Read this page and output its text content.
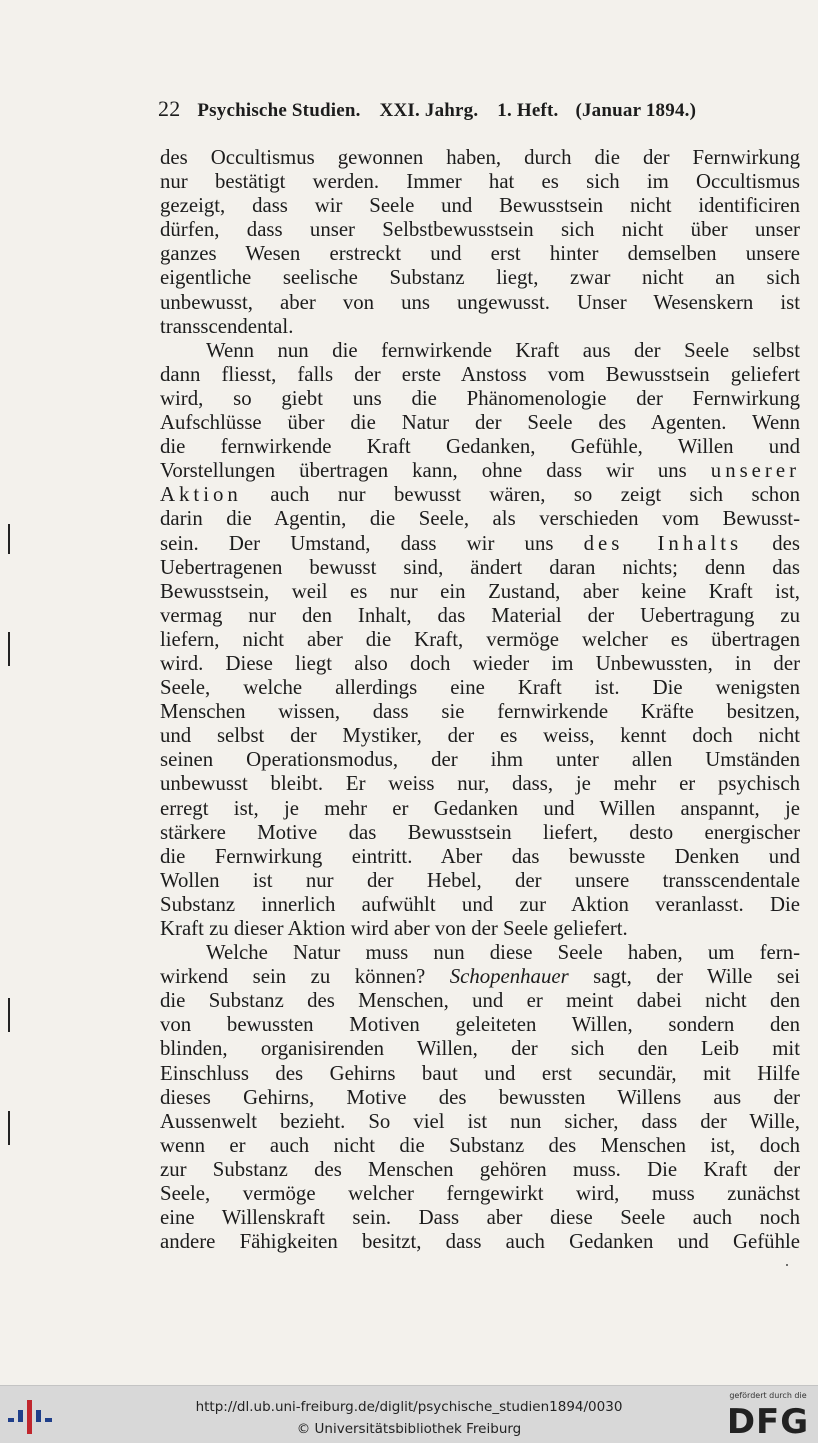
22 Psychische Studien. XXI. Jahrg. 1. Heft. (Januar 1894.)
des Occultismus gewonnen haben, durch die der Fernwirkung
nur bestätigt werden. Immer hat es sich im Occultismus
gezeigt, dass wir Seele und Bewusstsein nicht identificiren
dürfen, dass unser Selbstbewusstsein sich nicht über unser
ganzes Wesen erstreckt und erst hinter demselben unsere
eigentliche seelische Substanz liegt, zwar nicht an sich
unbewusst, aber von uns ungewusst. Unser Wesenskern ist
transscendental.
Wenn nun die fernwirkende Kraft aus der Seele selbst
dann fliesst, falls der erste Anstoss vom Bewusstsein geliefert
wird, so giebt uns die Phänomenologie der Fernwirkung
Aufschlüsse über die Natur der Seele des Agenten. Wenn
die fernwirkende Kraft Gedanken, Gefühle, Willen und
Vorstellungen übertragen kann, ohne dass wir uns unserer
Aktion auch nur bewusst wären, so zeigt sich schon
darin die Agentin, die Seele, als verschieden vom Bewusst-
sein. Der Umstand, dass wir uns des Inhalts des
Uebertragenen bewusst sind, ändert daran nichts; denn das
Bewusstsein, weil es nur ein Zustand, aber keine Kraft ist,
vermag nur den Inhalt, das Material der Uebertragung zu
liefern, nicht aber die Kraft, vermöge welcher es übertragen
wird. Diese liegt also doch wieder im Unbewussten, in der
Seele, welche allerdings eine Kraft ist. Die wenigsten
Menschen wissen, dass sie fernwirkende Kräfte besitzen,
und selbst der Mystiker, der es weiss, kennt doch nicht
seinen Operationsmodus, der ihm unter allen Umständen
unbewusst bleibt. Er weiss nur, dass, je mehr er psychisch
erregt ist, je mehr er Gedanken und Willen anspannt, je
stärkere Motive das Bewusstsein liefert, desto energischer
die Fernwirkung eintritt. Aber das bewusste Denken und
Wollen ist nur der Hebel, der unsere transscendentale
Substanz innerlich aufwühlt und zur Aktion veranlasst. Die
Kraft zu dieser Aktion wird aber von der Seele geliefert.
Welche Natur muss nun diese Seele haben, um fern-
wirkend sein zu können? Schopenhauer sagt, der Wille sei
die Substanz des Menschen, und er meint dabei nicht den
von bewussten Motiven geleiteten Willen, sondern den
blinden, organisirenden Willen, der sich den Leib mit
Einschluss des Gehirns baut und erst secundär, mit Hilfe
dieses Gehirns, Motive des bewussten Willens aus der
Aussenwelt bezieht. So viel ist nun sicher, dass der Wille,
wenn er auch nicht die Substanz des Menschen ist, doch
zur Substanz des Menschen gehören muss. Die Kraft der
Seele, vermöge welcher ferngewirkt wird, muss zunächst
eine Willenskraft sein. Dass aber diese Seele auch noch
andere Fähigkeiten besitzt, dass auch Gedanken und Gefühle
http://dl.ub.uni-freiburg.de/diglit/psychische_studien1894/0030
© Universitätsbibliothek Freiburg
gefördert durch die
DFG
